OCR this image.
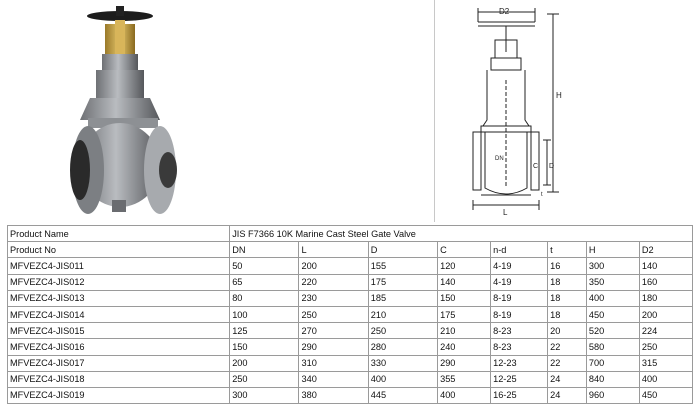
D2
H
C D
DN
t
L
Product Name	JIS F7366 10K Marine Cast Steel Gate Valve							
Product No	DN	L	D	C	n-d	t	H	D2
MFVEZC4-JIS011	50	200	155	120	4-19	16	300	140
MFVEZC4-JIS012	65	220	175	140	4-19	18	350	160
MFVEZC4-JIS013	80	230	185	150	8-19	18	400	180
MFVEZC4-JIS014	100	250	210	175	8-19	18	450	200
MFVEZC4-JIS015	125	270	250	210	8-23	20	520	224
MFVEZC4-JIS016	150	290	280	240	8-23	22	580	250
MFVEZC4-JIS017	200	310	330	290	12-23	22	700	315
MFVEZC4-JIS018	250	340	400	355	12-25	24	840	400
MFVEZC4-JIS019	300	380	445	400	16-25	24	960	450
